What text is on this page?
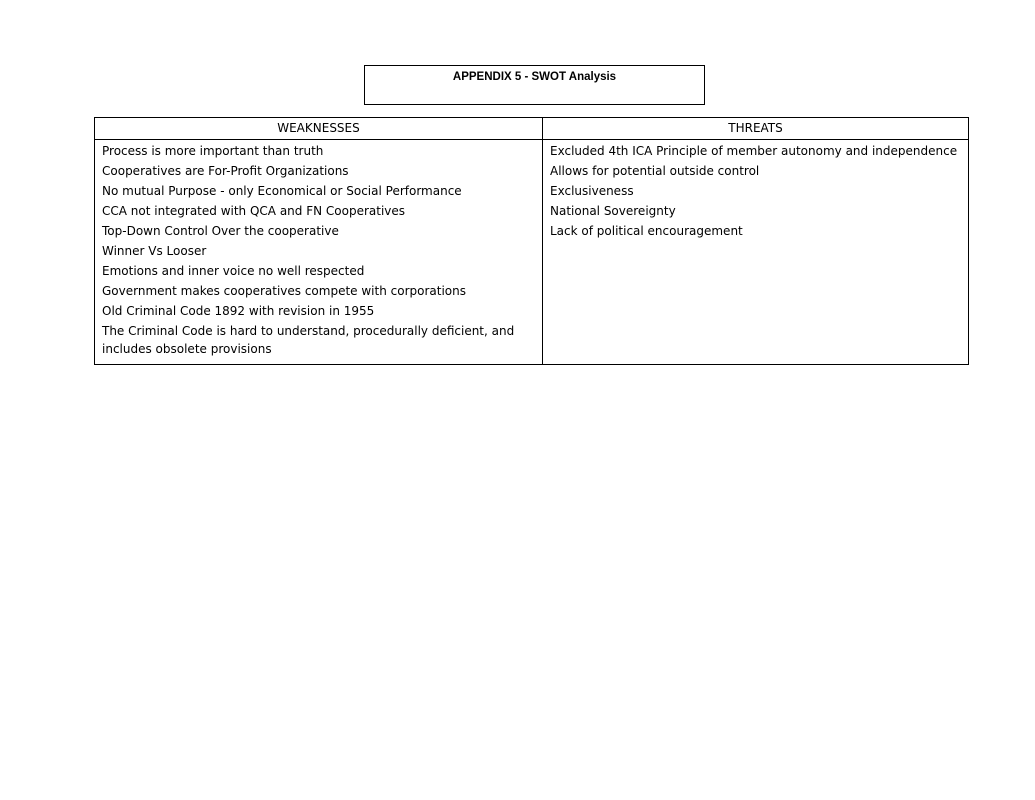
APPENDIX 5 - SWOT Analysis
WEAKNESSES
Process is more important than truth
Cooperatives are For-Profit Organizations
No mutual Purpose - only Economical or Social Performance
CCA not integrated with QCA and FN Cooperatives
Top-Down Control Over the cooperative
Winner Vs Looser
Emotions and inner voice no well respected
Government makes cooperatives compete with corporations
Old Criminal Code 1892 with revision in 1955
The Criminal Code is hard to understand, procedurally deficient, and includes obsolete provisions
THREATS
Excluded 4th ICA Principle of member autonomy and independence
Allows for potential outside control
Exclusiveness
National Sovereignty
Lack of political encouragement
